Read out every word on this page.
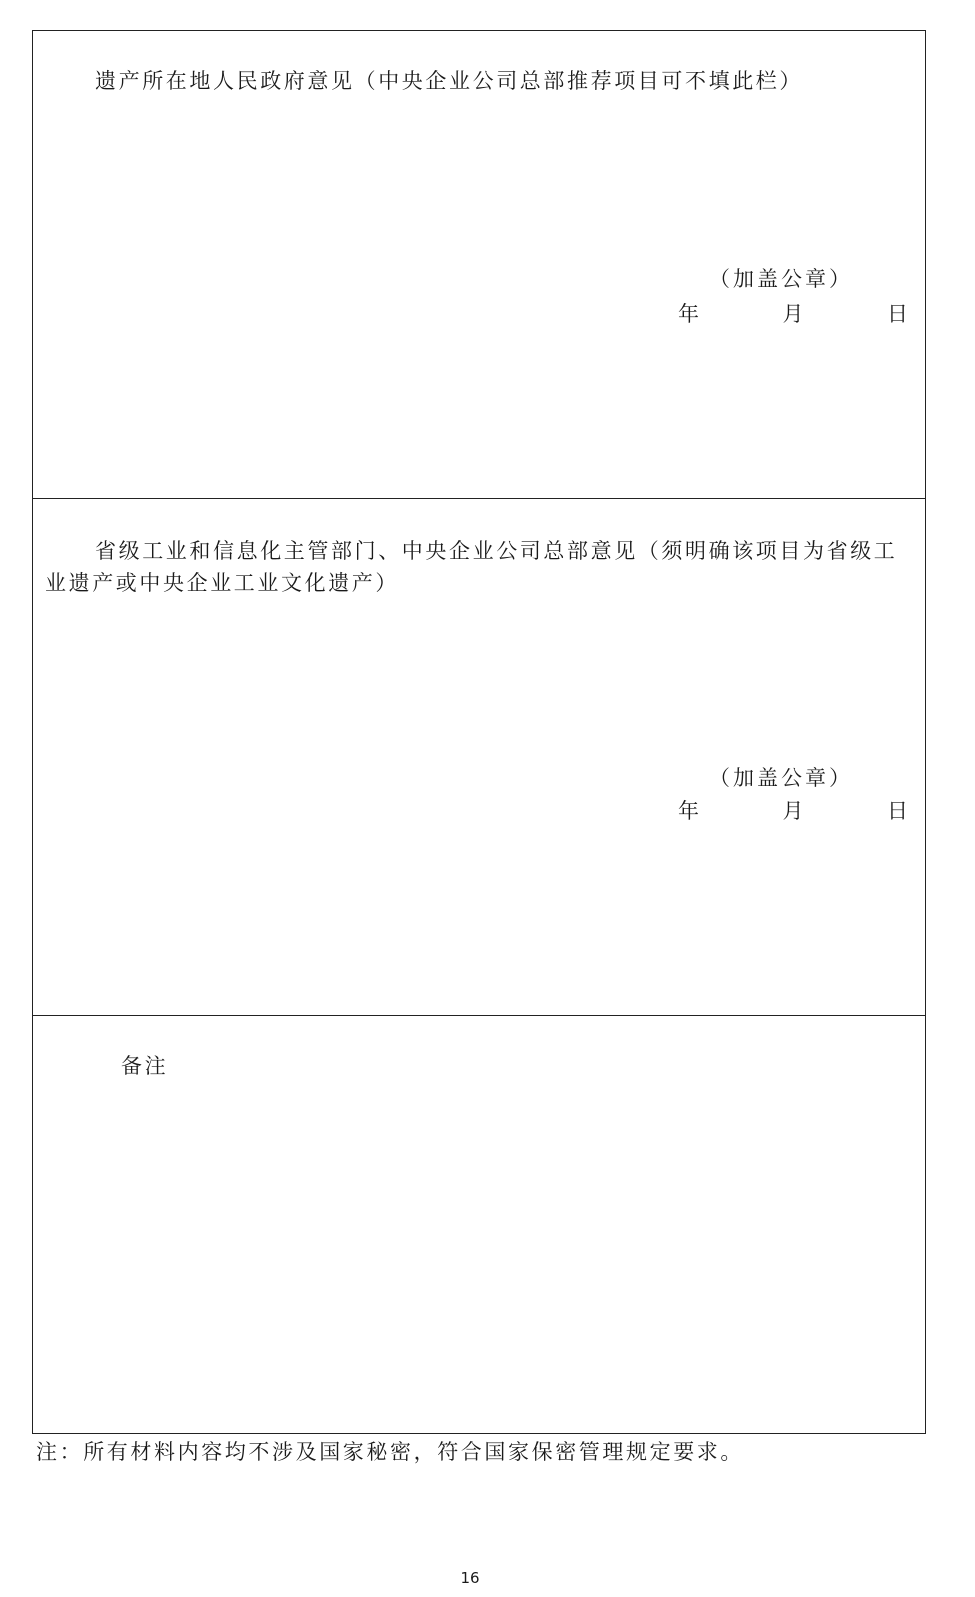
遗产所在地人民政府意见（中央企业公司总部推荐项目可不填此栏）
（加盖公章）
年	月	日
省级工业和信息化主管部门、中央企业公司总部意见（须明确该项目为省级工业遗产或中央企业工业文化遗产）
（加盖公章）
年	月	日
备注
注：所有材料内容均不涉及国家秘密，符合国家保密管理规定要求。
16
